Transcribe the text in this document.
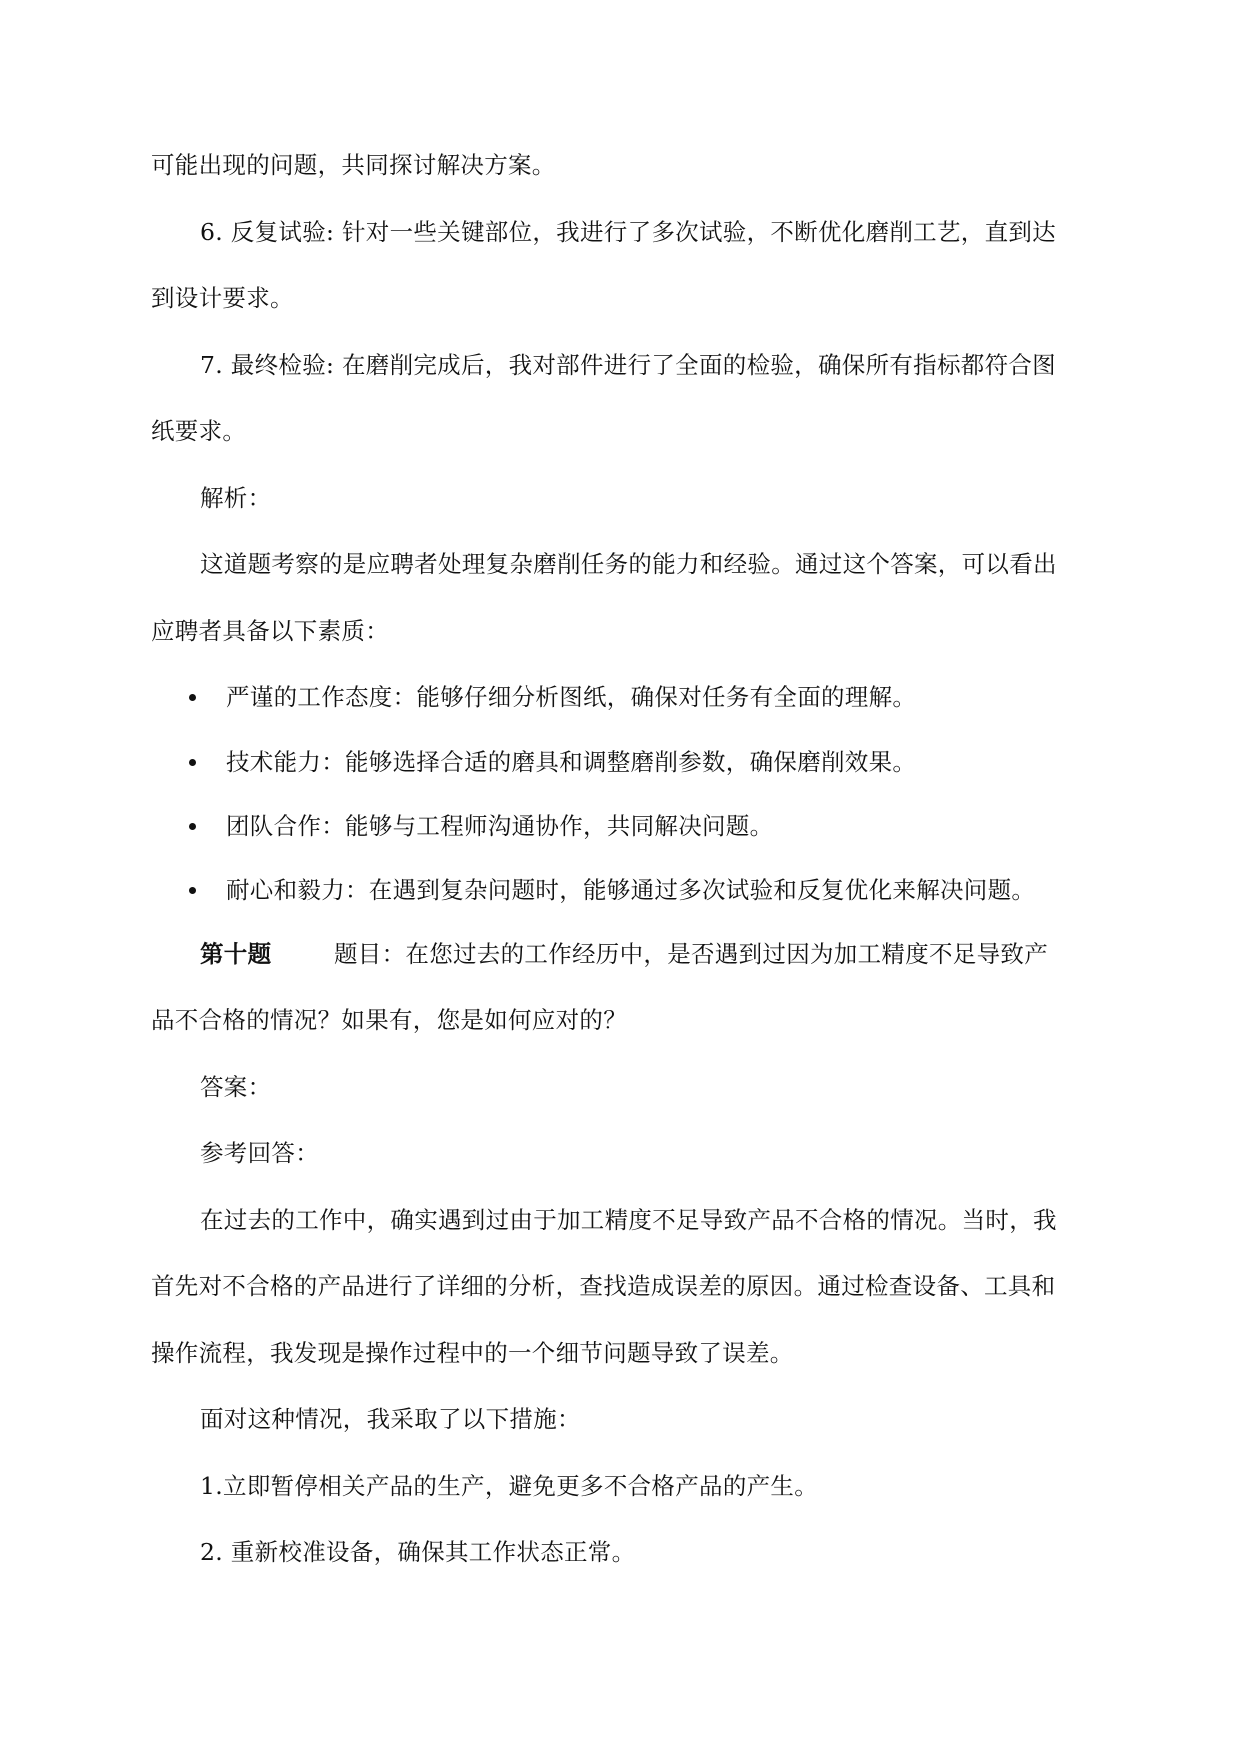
可能出现的问题，共同探讨解决方案。
6. 反复试验: 针对一些关键部位，我进行了多次试验，不断优化磨削工艺，直到达
到设计要求。
7. 最终检验: 在磨削完成后，我对部件进行了全面的检验，确保所有指标都符合图
纸要求。
解析：
这道题考察的是应聘者处理复杂磨削任务的能力和经验。通过这个答案，可以看出
应聘者具备以下素质：
严谨的工作态度：能够仔细分析图纸，确保对任务有全面的理解。
技术能力：能够选择合适的磨具和调整磨削参数，确保磨削效果。
团队合作：能够与工程师沟通协作，共同解决问题。
耐心和毅力：在遇到复杂问题时，能够通过多次试验和反复优化来解决问题。
第十题	题目：在您过去的工作经历中，是否遇到过因为加工精度不足导致产
品不合格的情况？如果有，您是如何应对的？
答案：
参考回答：
在过去的工作中，确实遇到过由于加工精度不足导致产品不合格的情况。当时，我
首先对不合格的产品进行了详细的分析，查找造成误差的原因。通过检查设备、工具和
操作流程，我发现是操作过程中的一个细节问题导致了误差。
面对这种情况，我采取了以下措施：
1.立即暂停相关产品的生产，避免更多不合格产品的产生。
2. 重新校准设备，确保其工作状态正常。
